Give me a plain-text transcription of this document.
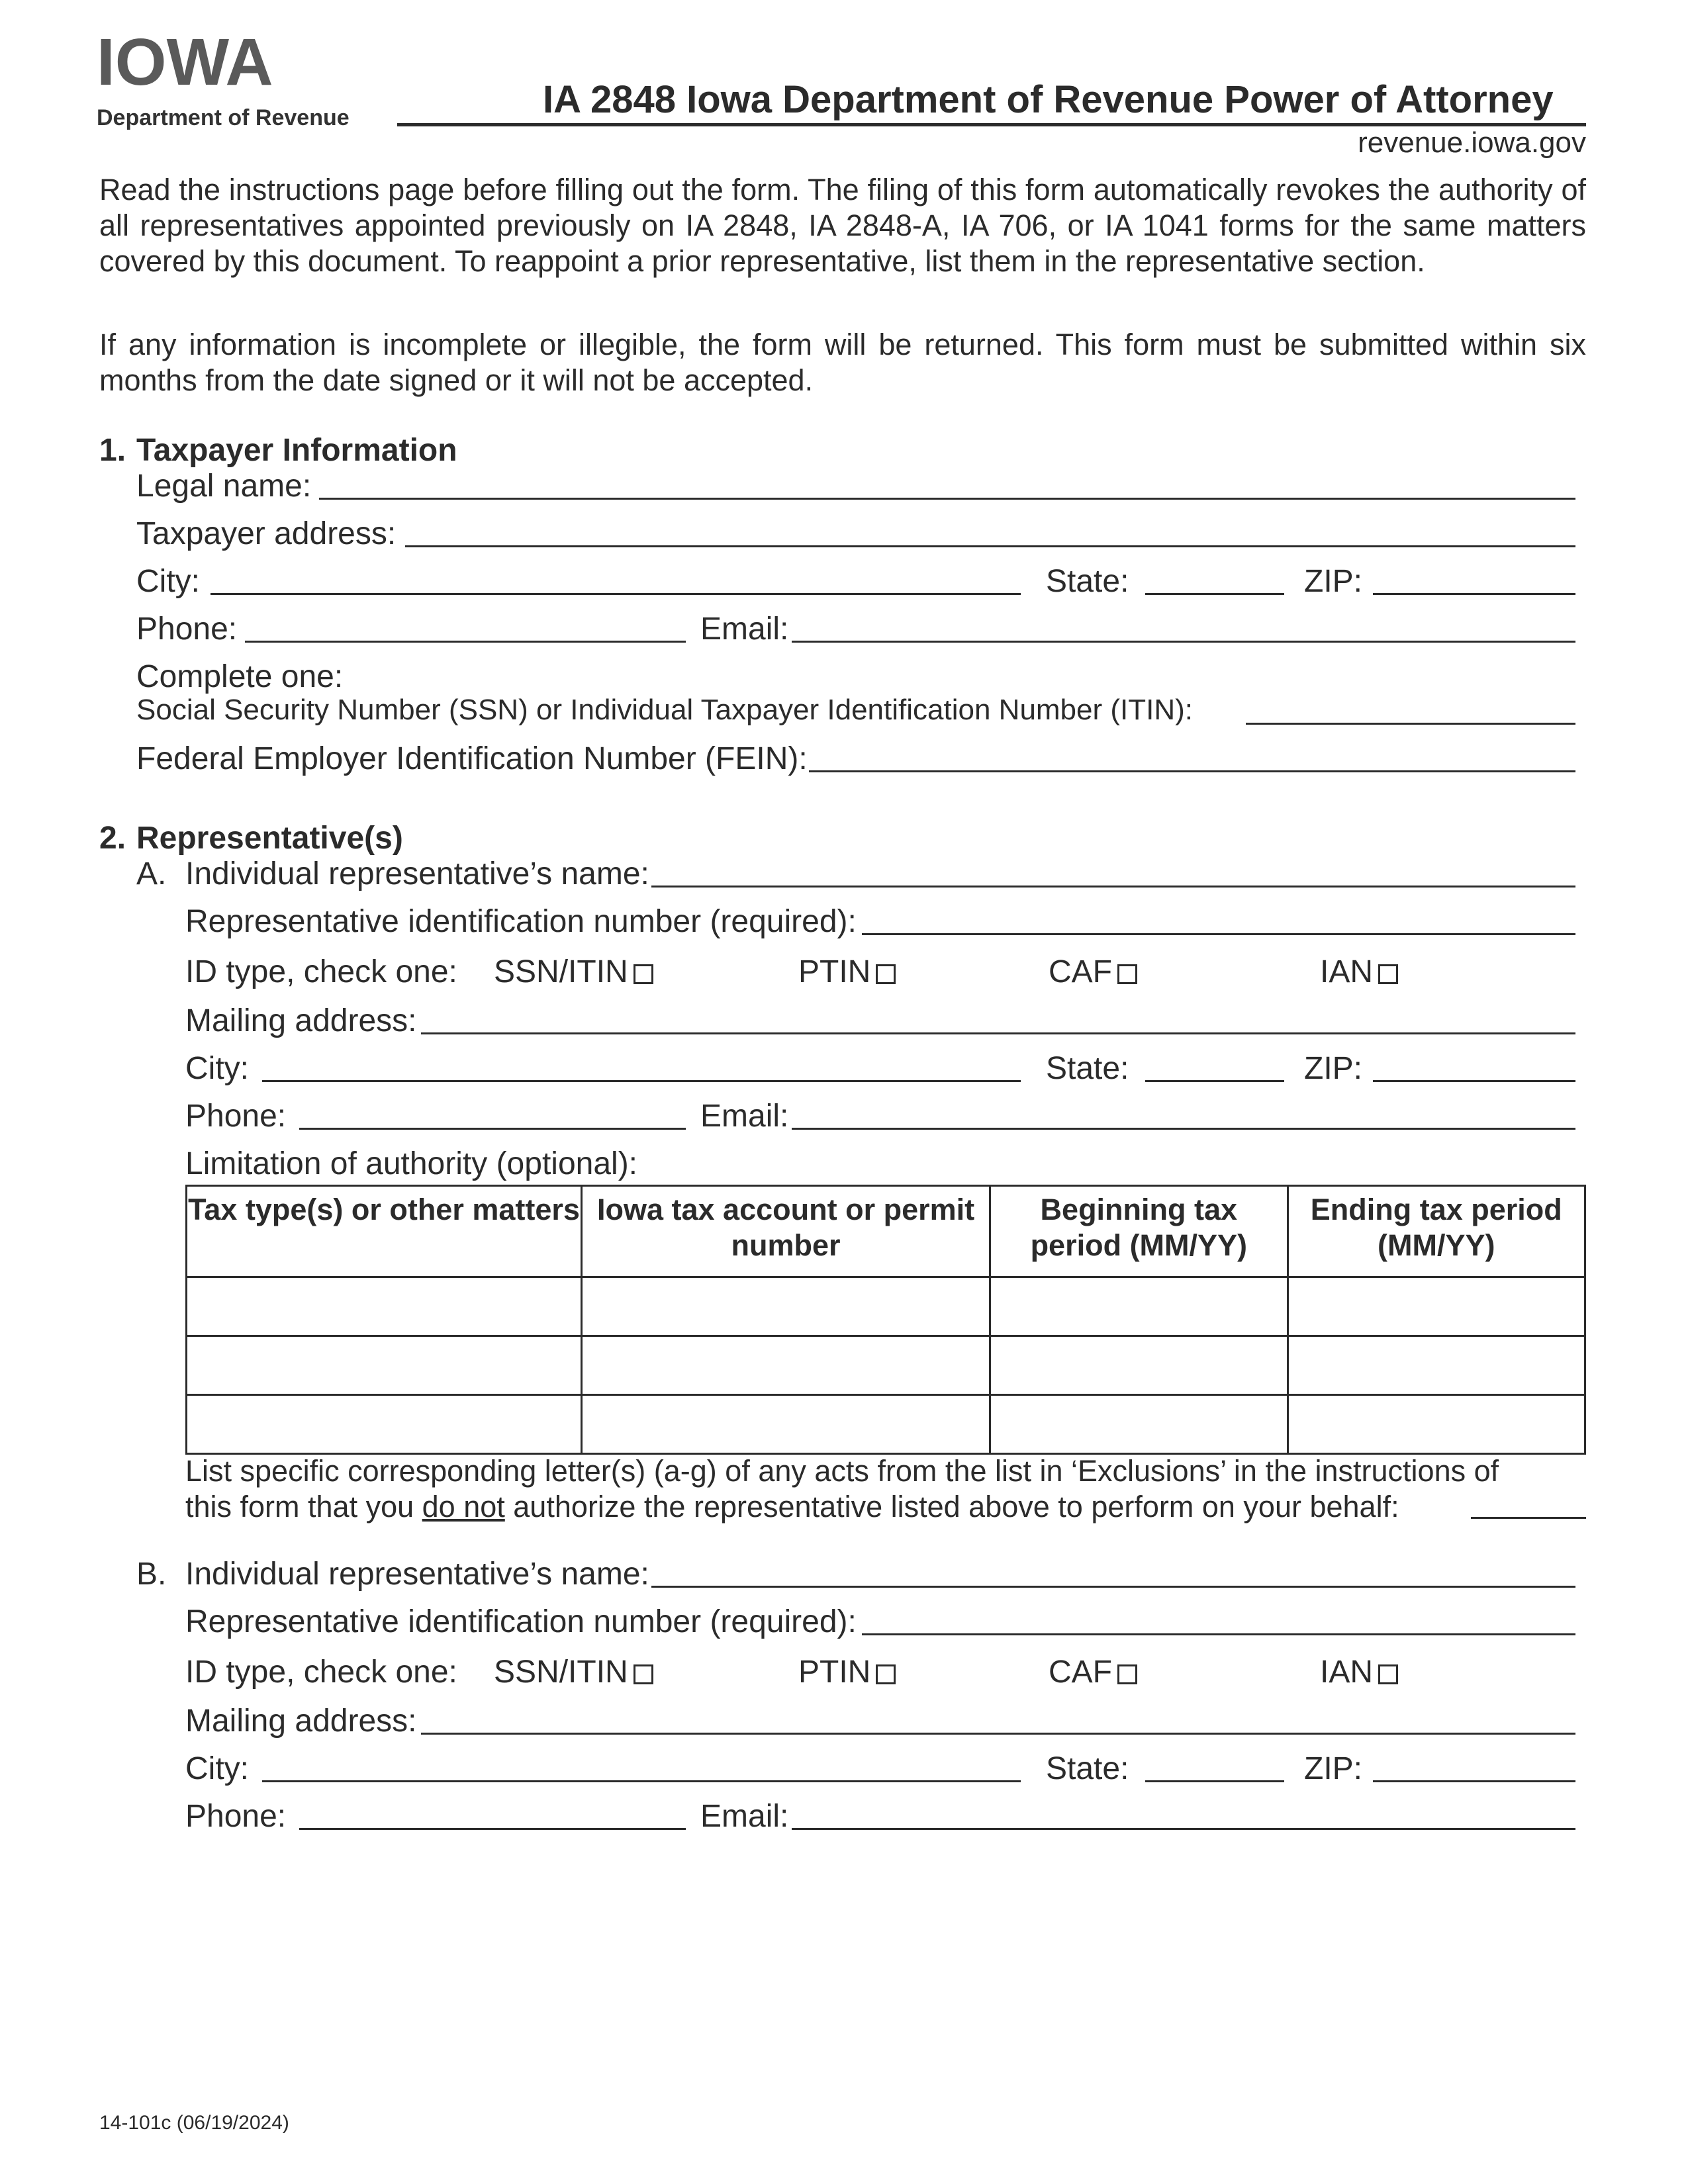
IOWA
Department of Revenue	IA 2848 Iowa Department of Revenue Power of Attorney
revenue.iowa.gov
Read the instructions page before filling out the form. The filing of this form automatically revokes the authority of all representatives appointed previously on IA 2848, IA 2848-A, IA 706, or IA 1041 forms for the same matters covered by this document. To reappoint a prior representative, list them in the representative section.
If any information is incomplete or illegible, the form will be returned. This form must be submitted within six months from the date signed or it will not be accepted.
1. Taxpayer Information
Legal name:
Taxpayer address:
City:	State:	ZIP:
Phone:	Email:
Complete one:
Social Security Number (SSN) or Individual Taxpayer Identification Number (ITIN):
Federal Employer Identification Number (FEIN):
2. Representative(s)
A. Individual representative’s name:
Representative identification number (required):
ID type, check one: SSN/ITIN	PTIN	CAF	IAN
Mailing address:
City:	State:	ZIP:
Phone:	Email:
Limitation of authority (optional):
Tax type(s) or other matters	Iowa tax account or permit number	Beginning tax period (MM/YY)	Ending tax period (MM/YY)

List specific corresponding letter(s) (a-g) of any acts from the list in ‘Exclusions’ in the instructions of
this form that you do not authorize the representative listed above to perform on your behalf:
B. Individual representative’s name:
Representative identification number (required):
ID type, check one: SSN/ITIN	PTIN	CAF	IAN
Mailing address:
City:	State:	ZIP:
Phone:	Email:
14-101c (06/19/2024)
